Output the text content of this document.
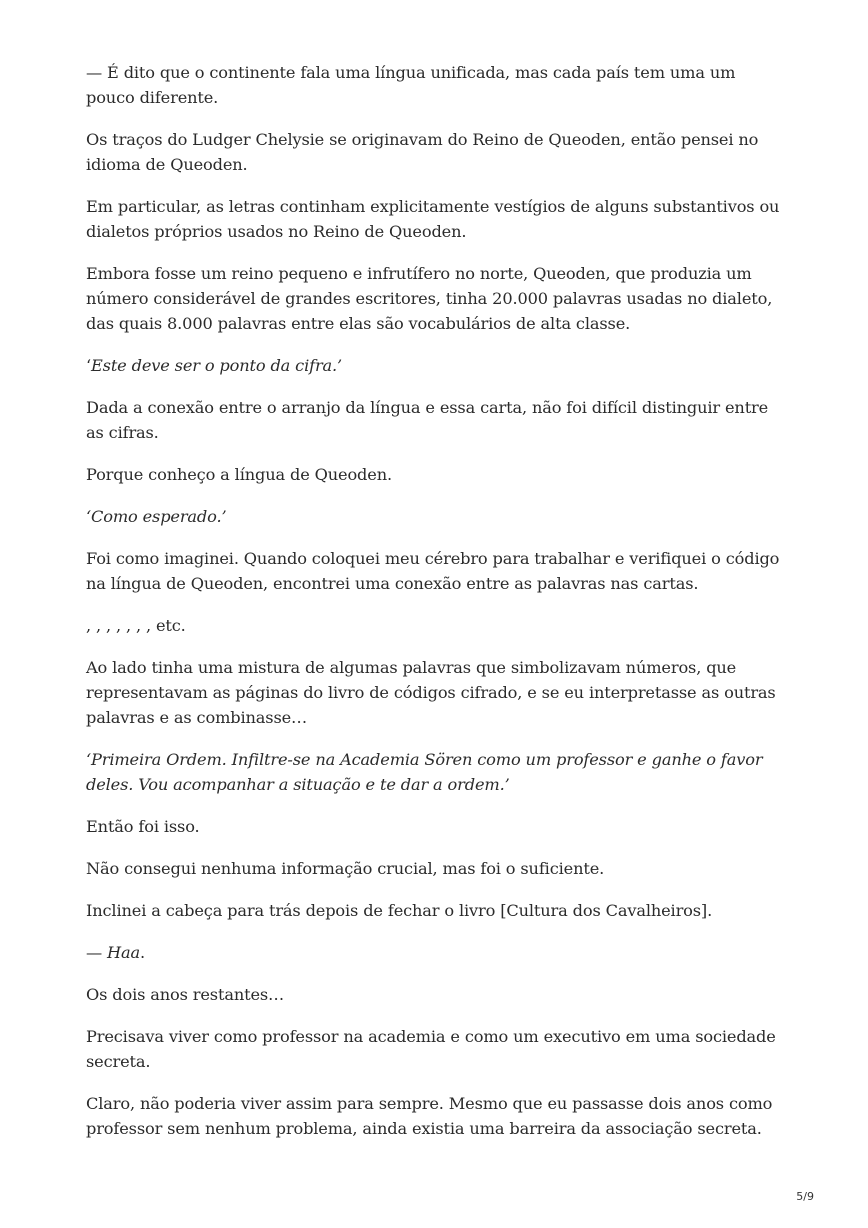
— É dito que o continente fala uma língua unificada, mas cada país tem uma um pouco diferente.

Os traços do Ludger Chelysie se originavam do Reino de Queoden, então pensei no idioma de Queoden.

Em particular, as letras continham explicitamente vestígios de alguns substantivos ou dialetos próprios usados no Reino de Queoden.

Embora fosse um reino pequeno e infrutífero no norte, Queoden, que produzia um número considerável de grandes escritores, tinha 20.000 palavras usadas no dialeto, das quais 8.000 palavras entre elas são vocabulários de alta classe.

‘Este deve ser o ponto da cifra.’

Dada a conexão entre o arranjo da língua e essa carta, não foi difícil distinguir entre as cifras.

Porque conheço a língua de Queoden.

‘Como esperado.’

Foi como imaginei. Quando coloquei meu cérebro para trabalhar e verifiquei o código na língua de Queoden, encontrei uma conexão entre as palavras nas cartas.

, , , , , , , etc.

Ao lado tinha uma mistura de algumas palavras que simbolizavam números, que representavam as páginas do livro de códigos cifrado, e se eu interpretasse as outras palavras e as combinasse…

‘Primeira Ordem. Infiltre-se na Academia Sören como um professor e ganhe o favor deles. Vou acompanhar a situação e te dar a ordem.’

Então foi isso.

Não consegui nenhuma informação crucial, mas foi o suficiente.

Inclinei a cabeça para trás depois de fechar o livro [Cultura dos Cavalheiros].

— Haa.

Os dois anos restantes…

Precisava viver como professor na academia e como um executivo em uma sociedade secreta.

Claro, não poderia viver assim para sempre. Mesmo que eu passasse dois anos como professor sem nenhum problema, ainda existia uma barreira da associação secreta.

5/9
